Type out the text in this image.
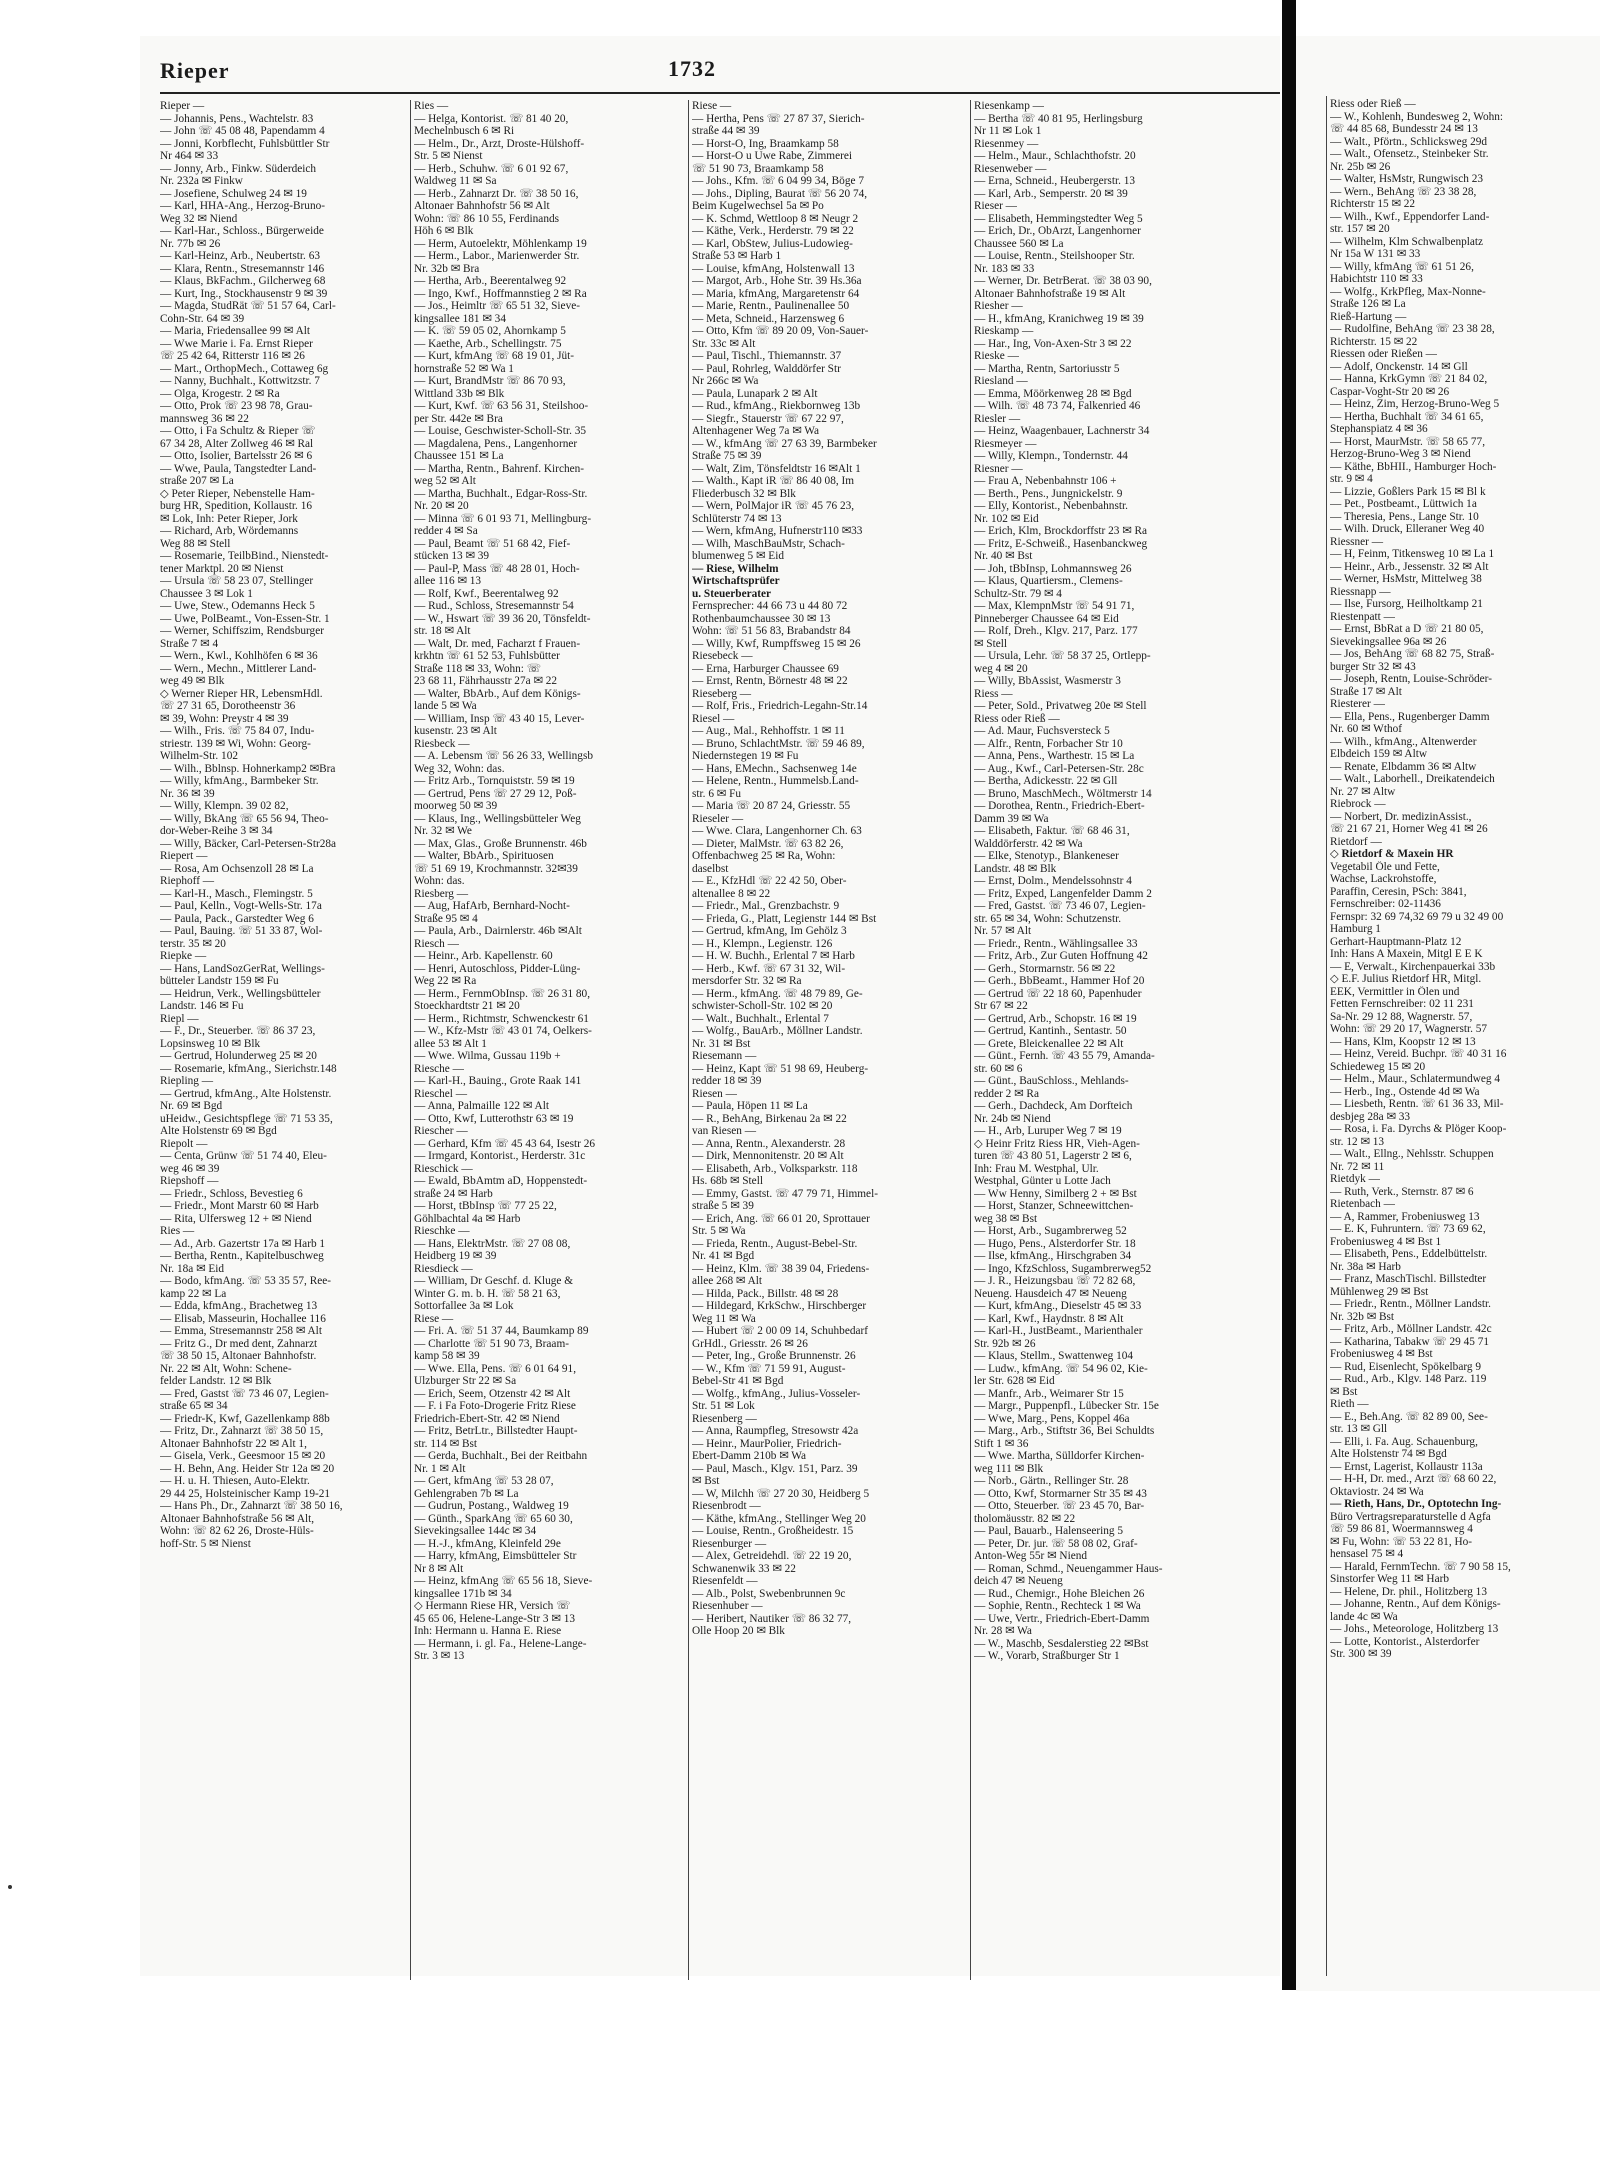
Rieper	1732
Rieper —
— Johannis, Pens., Wachtelstr. 83
— John ☏ 45 08 48, Papendamm 4
— Jonni, Korbflecht, Fuhlsbüttler Str
Nr 464 ✉ 33
— Jonny, Arb., Finkw. Süderdeich
Nr. 232a ✉ Finkw
— Josefiene, Schulweg 24 ✉ 19
— Karl, HHA-Ang., Herzog-Bruno-
Weg 32 ✉ Niend
— Karl-Har., Schloss., Bürgerweide
Nr. 77b ✉ 26
— Karl-Heinz, Arb., Neubertstr. 63
— Klara, Rentn., Stresemannstr 146
— Klaus, BkFachm., Gilcherweg 68
— Kurt, Ing., Stockhausenstr 9 ✉ 39
— Magda, StudRät ☏ 51 57 64, Carl-
Cohn-Str. 64 ✉ 39
— Maria, Friedensallee 99 ✉ Alt
— Wwe Marie i. Fa. Ernst Rieper
☏ 25 42 64, Ritterstr 116 ✉ 26
— Mart., OrthopMech., Cottaweg 6g
— Nanny, Buchhalt., Kottwitzstr. 7
— Olga, Krogestr. 2 ✉ Ra
— Otto, Prok ☏ 23 98 78, Grau-
mannsweg 36 ✉ 22
— Otto, i Fa Schultz & Rieper ☏
67 34 28, Alter Zollweg 46 ✉ Ral
— Otto, Isolier, Bartelsstr 26 ✉ 6
— Wwe, Paula, Tangstedter Land-
straße 207 ✉ La
◇ Peter Rieper, Nebenstelle Ham-
burg HR, Spedition, Kollaustr. 16
✉ Lok, Inh: Peter Rieper, Jork
— Richard, Arb, Wördemanns
Weg 88 ✉ Stell
— Rosemarie, TeilbBind., Nienstedt-
tener Marktpl. 20 ✉ Nienst
— Ursula ☏ 58 23 07, Stellinger
Chaussee 3 ✉ Lok 1
— Uwe, Stew., Odemanns Heck 5
— Uwe, PolBeamt., Von-Essen-Str. 1
— Werner, Schiffszim, Rendsburger
Straße 7 ✉ 4
— Wern., Kwl., Kohlhöfen 6 ✉ 36
— Wern., Mechn., Mittlerer Land-
weg 49 ✉ Blk
◇ Werner Rieper HR, LebensmHdl.
☏ 27 31 65, Dorotheenstr 36
✉ 39, Wohn: Preystr 4 ✉ 39
— Wilh., Fris. ☏ 75 84 07, Indu-
striestr. 139 ✉ Wi, Wohn: Georg-
Wilhelm-Str. 102
— Wilh., Bblnsp. Hohnerkamp2 ✉Bra
— Willy, kfmAng., Barmbeker Str.
Nr. 36 ✉ 39
— Willy, Klempn. 39 02 82,
— Willy, BkAng ☏ 65 56 94, Theo-
dor-Weber-Reihe 3 ✉ 34
— Willy, Bäcker, Carl-Petersen-Str28a
Riepert —
— Rosa, Am Ochsenzoll 28 ✉ La
Riephoff —
— Karl-H., Masch., Flemingstr. 5
— Paul, Kelln., Vogt-Wells-Str. 17a
— Paula, Pack., Garstedter Weg 6
— Paul, Bauing. ☏ 51 33 87, Wol-
terstr. 35 ✉ 20
Riepke —
— Hans, LandSozGerRat, Wellings-
bütteler Landstr 159 ✉ Fu
— Heidrun, Verk., Wellingsbütteler
Landstr. 146 ✉ Fu
Riepl —
— F., Dr., Steuerber. ☏ 86 37 23,
Lopsinsweg 10 ✉ Blk
— Gertrud, Holunderweg 25 ✉ 20
— Rosemarie, kfmAng., Sierichstr.148
Riepling —
— Gertrud, kfmAng., Alte Holstenstr.
Nr. 69 ✉ Bgd
uHeidw., Gesichtspflege ☏ 71 53 35,
Alte Holstenstr 69 ✉ Bgd
Riepolt —
— Centa, Grünw ☏ 51 74 40, Eleu-
weg 46 ✉ 39
Riepshoff —
— Friedr., Schloss, Bevestieg 6
— Friedr., Mont Marstr 60 ✉ Harb
— Rita, Ulfersweg 12 + ✉ Niend
Ries —
— Ad., Arb. Gazertstr 17a ✉ Harb 1
— Bertha, Rentn., Kapitelbuschweg
Nr. 18a ✉ Eid
— Bodo, kfmAng. ☏ 53 35 57, Ree-
kamp 22 ✉ La
— Edda, kfmAng., Brachetweg 13
— Elisab, Masseurin, Hochallee 116
— Emma, Stresemannstr 258 ✉ Alt
— Fritz G., Dr med dent, Zahnarzt
☏ 38 50 15, Altonaer Bahnhofstr.
Nr. 22 ✉ Alt, Wohn: Schene-
felder Landstr. 12 ✉ Blk
— Fred, Gastst ☏ 73 46 07, Legien-
straße 65 ✉ 34
— Friedr-K, Kwf, Gazellenkamp 88b
— Fritz, Dr., Zahnarzt ☏ 38 50 15,
Altonaer Bahnhofstr 22 ✉ Alt 1,
— Gisela, Verk., Geesmoor 15 ✉ 20
— H. Behn, Ang. Heider Str 12a ✉ 20
— H. u. H. Thiesen, Auto-Elektr.
29 44 25, Holsteinischer Kamp 19-21
— Hans Ph., Dr., Zahnarzt ☏ 38 50 16,
Altonaer Bahnhofstraße 56 ✉ Alt,
Wohn: ☏ 82 62 26, Droste-Hüls-
hoff-Str. 5 ✉ Nienst
Ries —
— Helga, Kontorist. ☏ 81 40 20,
Mechelnbusch 6 ✉ Ri
— Helm., Dr., Arzt, Droste-Hülshoff-
Str. 5 ✉ Nienst
— Herb., Schuhw. ☏ 6 01 92 67,
Waldweg 11 ✉ Sa
— Herb., Zahnarzt Dr. ☏ 38 50 16,
Altonaer Bahnhofstr 56 ✉ Alt
Wohn: ☏ 86 10 55, Ferdinands
Höh 6 ✉ Blk
— Herm, Autoelektr, Möhlenkamp 19
— Herm., Labor., Marienwerder Str.
Nr. 32b ✉ Bra
— Hertha, Arb., Beerentalweg 92
— Ingo, Kwf., Hoffmannstieg 2 ✉ Ra
— Jos., Heimltr ☏ 65 51 32, Sieve-
kingsallee 181 ✉ 34
— K. ☏ 59 05 02, Ahornkamp 5
— Kaethe, Arb., Schellingstr. 75
— Kurt, kfmAng ☏ 68 19 01, Jüt-
hornstraße 52 ✉ Wa 1
— Kurt, BrandMstr ☏ 86 70 93,
Wittland 33b ✉ Blk
— Kurt, Kwf. ☏ 63 56 31, Steilshoo-
per Str. 442e ✉ Bra
— Louise, Geschwister-Scholl-Str. 35
— Magdalena, Pens., Langenhorner
Chaussee 151 ✉ La
— Martha, Rentn., Bahrenf. Kirchen-
weg 52 ✉ Alt
— Martha, Buchhalt., Edgar-Ross-Str.
Nr. 20 ✉ 20
— Minna ☏ 6 01 93 71, Mellingburg-
redder 4 ✉ Sa
— Paul, Beamt ☏ 51 68 42, Fief-
stücken 13 ✉ 39
— Paul-P, Mass ☏ 48 28 01, Hoch-
allee 116 ✉ 13
— Rolf, Kwf., Beerentalweg 92
— Rud., Schloss, Stresemannstr 54
— W., Hswart ☏ 39 36 20, Tönsfeldt-
str. 18 ✉ Alt
— Walt, Dr. med, Facharzt f Frauen-
krkhtn ☏ 61 52 53, Fuhlsbütter
Straße 118 ✉ 33, Wohn: ☏
23 68 11, Fährhausstr 27a ✉ 22
— Walter, BbArb., Auf dem Königs-
lande 5 ✉ Wa
— William, Insp ☏ 43 40 15, Lever-
kusenstr. 23 ✉ Alt
Riesbeck —
— A. Lebensm ☏ 56 26 33, Wellingsb
Weg 32, Wohn: das.
— Fritz Arb., Tornquiststr. 59 ✉ 19
— Gertrud, Pens ☏ 27 29 12, Poß-
moorweg 50 ✉ 39
— Klaus, Ing., Wellingsbütteler Weg
Nr. 32 ✉ We
— Max, Glas., Große Brunnenstr. 46b
— Walter, BbArb., Spirituosen
☏ 51 69 19, Krochmannstr. 32✉39
Wohn: das.
Riesberg —
— Aug, HafArb, Bernhard-Nocht-
Straße 95 ✉ 4
— Paula, Arb., Dairnlerstr. 46b ✉Alt
Riesch —
— Heinr., Arb. Kapellenstr. 60
— Henri, Autoschloss, Pidder-Lüng-
Weg 22 ✉ Ra
— Herm., FernmObInsp. ☏ 26 31 80,
Stoeckhardtstr 21 ✉ 20
— Herm., Richtmstr, Schwenckestr 61
— W., Kfz-Mstr ☏ 43 01 74, Oelkers-
allee 53 ✉ Alt 1
— Wwe. Wilma, Gussau 119b +
Riesche —
— Karl-H., Bauing., Grote Raak 141
Rieschel —
— Anna, Palmaille 122 ✉ Alt
— Otto, Kwf, Lutterothstr 63 ✉ 19
Riescher —
— Gerhard, Kfm ☏ 45 43 64, Isestr 26
— Irmgard, Kontorist., Herderstr. 31c
Rieschick —
— Ewald, BbAmtm aD, Hoppenstedt-
straße 24 ✉ Harb
— Horst, tBbInsp ☏ 77 25 22,
Göhlbachtal 4a ✉ Harb
Rieschke —
— Hans, ElektrMstr. ☏ 27 08 08,
Heidberg 19 ✉ 39
Riesdieck —
— William, Dr Geschf. d. Kluge &
Winter G. m. b. H. ☏ 58 21 63,
Sottorfallee 3a ✉ Lok
Riese —
— Fri. A. ☏ 51 37 44, Baumkamp 89
— Charlotte ☏ 51 90 73, Braam-
kamp 58 ✉ 39
— Wwe. Ella, Pens. ☏ 6 01 64 91,
Ulzburger Str 22 ✉ Sa
— Erich, Seem, Otzenstr 42 ✉ Alt
— F. i Fa Foto-Drogerie Fritz Riese
Friedrich-Ebert-Str. 42 ✉ Niend
— Fritz, BetrLtr., Billstedter Haupt-
str. 114 ✉ Bst
— Gerda, Buchhalt., Bei der Reitbahn
Nr. 1 ✉ Alt
— Gert, kfmAng ☏ 53 28 07,
Gehlengraben 7b ✉ La
— Gudrun, Postang., Waldweg 19
— Günth., SparkAng ☏ 65 60 30,
Sievekingsallee 144c ✉ 34
— H.-J., kfmAng, Kleinfeld 29e
— Harry, kfmAng, Eimsbütteler Str
Nr 8 ✉ Alt
— Heinz, kfmAng ☏ 65 56 18, Sieve-
kingsallee 171b ✉ 34
◇ Hermann Riese HR, Versich ☏
45 65 06, Helene-Lange-Str 3 ✉ 13
Inh: Hermann u. Hanna E. Riese
— Hermann, i. gl. Fa., Helene-Lange-
Str. 3 ✉ 13
Riese —
— Hertha, Pens ☏ 27 87 37, Sierich-
straße 44 ✉ 39
— Horst-O, Ing, Braamkamp 58
— Horst-O u Uwe Rabe, Zimmerei
☏ 51 90 73, Braamkamp 58
— Johs., Kfm. ☏ 6 04 99 34, Böge 7
— Johs., Dipling, Baurat ☏ 56 20 74,
Beim Kugelwechsel 5a ✉ Po
— K. Schmd, Wettloop 8 ✉ Neugr 2
— Käthe, Verk., Herderstr. 79 ✉ 22
— Karl, ObStew, Julius-Ludowieg-
Straße 53 ✉ Harb 1
— Louise, kfmAng, Holstenwall 13
— Margot, Arb., Hohe Str. 39 Hs.36a
— Maria, kfmAng, Margaretenstr 64
— Marie, Rentn., Paulinenallee 50
— Meta, Schneid., Harzensweg 6
— Otto, Kfm ☏ 89 20 09, Von-Sauer-
Str. 33c ✉ Alt
— Paul, Tischl., Thiemannstr. 37
— Paul, Rohrleg, Walddörfer Str
Nr 266c ✉ Wa
— Paula, Lunapark 2 ✉ Alt
— Rud., kfmAng., Riekbornweg 13b
— Siegfr., Stauerstr ☏ 67 22 97,
Altenhagener Weg 7a ✉ Wa
— W., kfmAng ☏ 27 63 39, Barmbeker
Straße 75 ✉ 39
— Walt, Zim, Tönsfeldtstr 16 ✉Alt 1
— Walth., Kapt iR ☏ 86 40 08, Im
Fliederbusch 32 ✉ Blk
— Wern, PolMajor iR ☏ 45 76 23,
Schlüterstr 74 ✉ 13
— Wern, kfmAng, Hufnerstr110 ✉33
— Wilh, MaschBauMstr, Schach-
blumenweg 5 ✉ Eid
— Riese, Wilhelm
Wirtschaftsprüfer
u. Steuerberater
Fernsprecher: 44 66 73 u 44 80 72
Rothenbaumchaussee 30 ✉ 13
Wohn: ☏ 51 56 83, Brabandstr 84
— Willy, Kwf, Rumpffsweg 15 ✉ 26
Riesebeck —
— Erna, Harburger Chaussee 69
— Ernst, Rentn, Börnestr 48 ✉ 22
Rieseberg —
— Rolf, Fris., Friedrich-Legahn-Str.14
Riesel —
— Aug., Mal., Rehhoffstr. 1 ✉ 11
— Bruno, SchlachtMstr. ☏ 59 46 89,
Niedernstegen 19 ✉ Fu
— Hans, EMechn., Sachsenweg 14e
— Helene, Rentn., Hummelsb.Land-
str. 6 ✉ Fu
— Maria ☏ 20 87 24, Griesstr. 55
Rieseler —
— Wwe. Clara, Langenhorner Ch. 63
— Dieter, MalMstr. ☏ 63 82 26,
Offenbachweg 25 ✉ Ra, Wohn:
daselbst
— E., KfzHdl ☏ 22 42 50, Ober-
altenallee 8 ✉ 22
— Friedr., Mal., Grenzbachstr. 9
— Frieda, G., Platt, Legienstr 144 ✉ Bst
— Gertrud, kfmAng, Im Gehölz 3
— H., Klempn., Legienstr. 126
— H. W. Buchh., Erlental 7 ✉ Harb
— Herb., Kwf. ☏ 67 31 32, Wil-
mersdorfer Str. 32 ✉ Ra
— Herm., kfmAng. ☏ 48 79 89, Ge-
schwister-Scholl-Str. 102 ✉ 20
— Walt., Buchhalt., Erlental 7
— Wolfg., BauArb., Möllner Landstr.
Nr. 31 ✉ Bst
Riesemann —
— Heinz, Kapt ☏ 51 98 69, Heuberg-
redder 18 ✉ 39
Riesen —
— Paula, Höpen 11 ✉ La
— R., BehAng, Birkenau 2a ✉ 22
van Riesen —
— Anna, Rentn., Alexanderstr. 28
— Dirk, Mennonitenstr. 20 ✉ Alt
— Elisabeth, Arb., Volksparkstr. 118
Hs. 68b ✉ Stell
— Emmy, Gastst. ☏ 47 79 71, Himmel-
straße 5 ✉ 39
— Erich, Ang. ☏ 66 01 20, Sprottauer
Str. 5 ✉ Wa
— Frieda, Rentn., August-Bebel-Str.
Nr. 41 ✉ Bgd
— Heinz, Klm. ☏ 38 39 04, Friedens-
allee 268 ✉ Alt
— Hilda, Pack., Billstr. 48 ✉ 28
— Hildegard, KrkSchw., Hirschberger
Weg 11 ✉ Wa
— Hubert ☏ 2 00 09 14, Schuhbedarf
GrHdl., Griesstr. 26 ✉ 26
— Peter, Ing., Große Brunnenstr. 26
— W., Kfm ☏ 71 59 91, August-
Bebel-Str 41 ✉ Bgd
— Wolfg., kfmAng., Julius-Vosseler-
Str. 51 ✉ Lok
Riesenberg —
— Anna, Raumpfleg, Stresowstr 42a
— Heinr., MaurPolier, Friedrich-
Ebert-Damm 210b ✉ Wa
— Paul, Masch., Klgv. 151, Parz. 39
✉ Bst
— W, Milchh ☏ 27 20 30, Heidberg 5
Riesenbrodt —
— Käthe, kfmAng., Stellinger Weg 20
— Louise, Rentn., Großheidestr. 15
Riesenburger —
— Alex, Getreidehdl. ☏ 22 19 20,
Schwanenwik 33 ✉ 22
Riesenfeldt —
— Alb., Polst, Swebenbrunnen 9c
Riesenhuber —
— Heribert, Nautiker ☏ 86 32 77,
Olle Hoop 20 ✉ Blk
Riesenkamp —
— Bertha ☏ 40 81 95, Herlingsburg
Nr 11 ✉ Lok 1
Riesenmey —
— Helm., Maur., Schlachthofstr. 20
Riesenweber —
— Erna, Schneid., Heubergerstr. 13
— Karl, Arb., Semperstr. 20 ✉ 39
Rieser —
— Elisabeth, Hemmingstedter Weg 5
— Erich, Dr., ObArzt, Langenhorner
Chaussee 560 ✉ La
— Louise, Rentn., Steilshooper Str.
Nr. 183 ✉ 33
— Werner, Dr. BetrBerat. ☏ 38 03 90,
Altonaer Bahnhofstraße 19 ✉ Alt
Riesher —
— H., kfmAng, Kranichweg 19 ✉ 39
Rieskamp —
— Har., Ing, Von-Axen-Str 3 ✉ 22
Rieske —
— Martha, Rentn, Sartoriusstr 5
Riesland —
— Emma, Möörkenweg 28 ✉ Bgd
— Wilh. ☏ 48 73 74, Falkenried 46
Riesler —
— Heinz, Waagenbauer, Lachnerstr 34
Riesmeyer —
— Willy, Klempn., Tondernstr. 44
Riesner —
— Frau A, Nebenbahnstr 106 +
— Berth., Pens., Jungnickelstr. 9
— Elly, Kontorist., Nebenbahnstr.
Nr. 102 ✉ Eid
— Erich, Klm, Brockdorffstr 23 ✉ Ra
— Fritz, E-Schweiß., Hasenbanckweg
Nr. 40 ✉ Bst
— Joh, tBbInsp, Lohmannsweg 26
— Klaus, Quartiersm., Clemens-
Schultz-Str. 79 ✉ 4
— Max, KlempnMstr ☏ 54 91 71,
Pinneberger Chaussee 64 ✉ Eid
— Rolf, Dreh., Klgv. 217, Parz. 177
✉ Stell
— Ursula, Lehr. ☏ 58 37 25, Ortlepp-
weg 4 ✉ 20
— Willy, BbAssist, Wasmerstr 3
Riess —
— Peter, Sold., Privatweg 20e ✉ Stell
Riess oder Rieß —
— Ad. Maur, Fuchsversteck 5
— Alfr., Rentn, Forbacher Str 10
— Anna, Pens., Warthestr. 15 ✉ La
— Aug., Kwf., Carl-Petersen-Str. 28c
— Bertha, Adickesstr. 22 ✉ Gll
— Bruno, MaschMech., Wöltmerstr 14
— Dorothea, Rentn., Friedrich-Ebert-
Damm 39 ✉ Wa
— Elisabeth, Faktur. ☏ 68 46 31,
Walddörferstr. 42 ✉ Wa
— Elke, Stenotyp., Blankeneser
Landstr. 48 ✉ Blk
— Ernst, Dolm., Mendelssohnstr 4
— Fritz, Exped, Langenfelder Damm 2
— Fred, Gastst. ☏ 73 46 07, Legien-
str. 65 ✉ 34, Wohn: Schutzenstr.
Nr. 57 ✉ Alt
— Friedr., Rentn., Wählingsallee 33
— Fritz, Arb., Zur Guten Hoffnung 42
— Gerh., Stormarnstr. 56 ✉ 22
— Gerh., BbBeamt., Hammer Hof 20
— Gertrud ☏ 22 18 60, Papenhuder
Str 67 ✉ 22
— Gertrud, Arb., Schopstr. 16 ✉ 19
— Gertrud, Kantinh., Sentastr. 50
— Grete, Bleickenallee 22 ✉ Alt
— Günt., Fernh. ☏ 43 55 79, Amanda-
str. 60 ✉ 6
— Günt., BauSchloss., Mehlands-
redder 2 ✉ Ra
— Gerh., Dachdeck, Am Dorfteich
Nr. 24b ✉ Niend
— H., Arb, Luruper Weg 7 ✉ 19
◇ Heinr Fritz Riess HR, Vieh-Agen-
turen ☏ 43 80 51, Lagerstr 2 ✉ 6,
Inh: Frau M. Westphal, Ulr.
Westphal, Günter u Lotte Jach
— Ww Henny, Similberg 2 + ✉ Bst
— Horst, Stanzer, Schneewittchen-
weg 38 ✉ Bst
— Horst, Arb., Sugambrerweg 52
— Hugo, Pens., Alsterdorfer Str. 18
— Ilse, kfmAng., Hirschgraben 34
— Ingo, KfzSchloss, Sugambrerweg52
— J. R., Heizungsbau ☏ 72 82 68,
Neueng. Hausdeich 47 ✉ Neueng
— Kurt, kfmAng., Dieselstr 45 ✉ 33
— Karl, Kwf., Haydnstr. 8 ✉ Alt
— Karl-H., JustBeamt., Marienthaler
Str. 92b ✉ 26
— Klaus, Stellm., Swattenweg 104
— Ludw., kfmAng. ☏ 54 96 02, Kie-
ler Str. 628 ✉ Eid
— Manfr., Arb., Weimarer Str 15
— Margr., Puppenpfl., Lübecker Str. 15e
— Wwe, Marg., Pens, Koppel 46a
— Marg., Arb., Stiftstr 36, Bei Schuldts
Stift 1 ✉ 36
— Wwe. Martha, Sülldorfer Kirchen-
weg 111 ✉ Blk
— Norb., Gärtn., Rellinger Str. 28
— Otto, Kwf, Stormarner Str 35 ✉ 43
— Otto, Steuerber. ☏ 23 45 70, Bar-
tholomäusstr. 82 ✉ 22
— Paul, Bauarb., Halenseering 5
— Peter, Dr. jur. ☏ 58 08 02, Graf-
Anton-Weg 55r ✉ Niend
— Roman, Schmd., Neuengammer Haus-
deich 47 ✉ Neueng
— Rud., Chemigr., Hohe Bleichen 26
— Sophie, Rentn., Rechteck 1 ✉ Wa
— Uwe, Vertr., Friedrich-Ebert-Damm
Nr. 28 ✉ Wa
— W., Maschb, Sesdalerstieg 22 ✉Bst
— W., Vorarb, Straßburger Str 1
Riess oder Rieß —
— W., Kohlenh, Bundesweg 2, Wohn:
☏ 44 85 68, Bundesstr 24 ✉ 13
— Walt., Pförtn., Schlicksweg 29d
— Walt., Ofensetz., Steinbeker Str.
Nr. 25b ✉ 26
— Walter, HsMstr, Rungwisch 23
— Wern., BehAng ☏ 23 38 28,
Richterstr 15 ✉ 22
— Wilh., Kwf., Eppendorfer Land-
str. 157 ✉ 20
— Wilhelm, Klm Schwalbenplatz
Nr 15a W 131 ✉ 33
— Willy, kfmAng ☏ 61 51 26,
Habichtstr 110 ✉ 33
— Wolfg., KrkPfleg, Max-Nonne-
Straße 126 ✉ La
Rieß-Hartung —
— Rudolfine, BehAng ☏ 23 38 28,
Richterstr. 15 ✉ 22
Riessen oder Rießen —
— Adolf, Onckenstr. 14 ✉ Gll
— Hanna, KrkGymn ☏ 21 84 02,
Caspar-Voght-Str 20 ✉ 26
— Heinz, Zim, Herzog-Bruno-Weg 5
— Hertha, Buchhalt ☏ 34 61 65,
Stephanspiatz 4 ✉ 36
— Horst, MaurMstr. ☏ 58 65 77,
Herzog-Bruno-Weg 3 ✉ Niend
— Käthe, BbHII., Hamburger Hoch-
str. 9 ✉ 4
— Lizzie, Goßlers Park 15 ✉ Bl k
— Pet., Postbeamt., Lüttwich 1a
— Theresia, Pens., Lange Str. 10
— Wilh. Druck, Elleraner Weg 40
Riessner —
— H, Feinm, Titkensweg 10 ✉ La 1
— Heinr., Arb., Jessenstr. 32 ✉ Alt
— Werner, HsMstr, Mittelweg 38
Riessnapp —
— Ilse, Fursorg, Heilholtkamp 21
Riestenpatt —
— Ernst, BbRat a D ☏ 21 80 05,
Sievekingsallee 96a ✉ 26
— Jos, BehAng ☏ 68 82 75, Straß-
burger Str 32 ✉ 43
— Joseph, Rentn, Louise-Schröder-
Straße 17 ✉ Alt
Riesterer —
— Ella, Pens., Rugenberger Damm
Nr. 60 ✉ Wthof
— Wilh., kfmAng., Altenwerder
Elbdeich 159 ✉ Altw
— Renate, Elbdamm 36 ✉ Altw
— Walt., Laborhell., Dreikatendeich
Nr. 27 ✉ Altw
Riebrock —
— Norbert, Dr. medizinAssist.,
☏ 21 67 21, Horner Weg 41 ✉ 26
Rietdorf —
◇ Rietdorf & Maxein HR
Vegetabil Öle und Fette,
Wachse, Lackrohstoffe,
Paraffin, Ceresin, PSch: 3841,
Fernschreiber: 02-11436
Fernspr: 32 69 74,32 69 79 u 32 49 00
Hamburg 1
Gerhart-Hauptmann-Platz 12
Inh: Hans A Maxein, Mitgl E E K
— E, Verwalt., Kirchenpauerkai 33b
◇ E.F. Julius Rietdorf HR, Mitgl.
EEK, Vermittler in Ölen und
Fetten Fernschreiber: 02 11 231
Sa-Nr. 29 12 88, Wagnerstr. 57,
Wohn: ☏ 29 20 17, Wagnerstr. 57
— Hans, Klm, Koopstr 12 ✉ 13
— Heinz, Vereid. Buchpr. ☏ 40 31 16
Schiedeweg 15 ✉ 20
— Helm., Maur., Schlatermundweg 4
— Herb., Ing., Ostende 4d ✉ Wa
— Liesbeth, Rentn. ☏ 61 36 33, Mil-
desbjeg 28a ✉ 33
— Rosa, i. Fa. Dyrchs & Plöger Koop-
str. 12 ✉ 13
— Walt., Ellng., Nehlsstr. Schuppen
Nr. 72 ✉ 11
Rietdyk —
— Ruth, Verk., Sternstr. 87 ✉ 6
Rietenbach —
— A, Rammer, Frobeniusweg 13
— E. K, Fuhruntern. ☏ 73 69 62,
Frobeniusweg 4 ✉ Bst 1
— Elisabeth, Pens., Eddelbüttelstr.
Nr. 38a ✉ Harb
— Franz, MaschTischl. Billstedter
Mühlenweg 29 ✉ Bst
— Friedr., Rentn., Möllner Landstr.
Nr. 32b ✉ Bst
— Fritz, Arb., Möllner Landstr. 42c
— Katharina, Tabakw ☏ 29 45 71
Frobeniusweg 4 ✉ Bst
— Rud, Eisenlecht, Spökelbarg 9
— Rud., Arb., Klgv. 148 Parz. 119
✉ Bst
Rieth —
— E., Beh.Ang. ☏ 82 89 00, See-
str. 13 ✉ Gll
— Elli, i. Fa. Aug. Schauenburg,
Alte Holstenstr 74 ✉ Bgd
— Ernst, Lagerist, Kollaustr 113a
— H-H, Dr. med., Arzt ☏ 68 60 22,
Oktaviostr. 24 ✉ Wa
— Rieth, Hans, Dr., Optotechn Ing-
Büro Vertragsreparaturstelle d Agfa
☏ 59 86 81, Woermannsweg 4
✉ Fu, Wohn: ☏ 53 22 81, Ho-
hensasel 75 ✉ 4
— Harald, FernmTechn. ☏ 7 90 58 15,
Sinstorfer Weg 11 ✉ Harb
— Helene, Dr. phil., Holitzberg 13
— Johanne, Rentn., Auf dem Königs-
lande 4c ✉ Wa
— Johs., Meteorologe, Holitzberg 13
— Lotte, Kontorist., Alsterdorfer
Str. 300 ✉ 39
